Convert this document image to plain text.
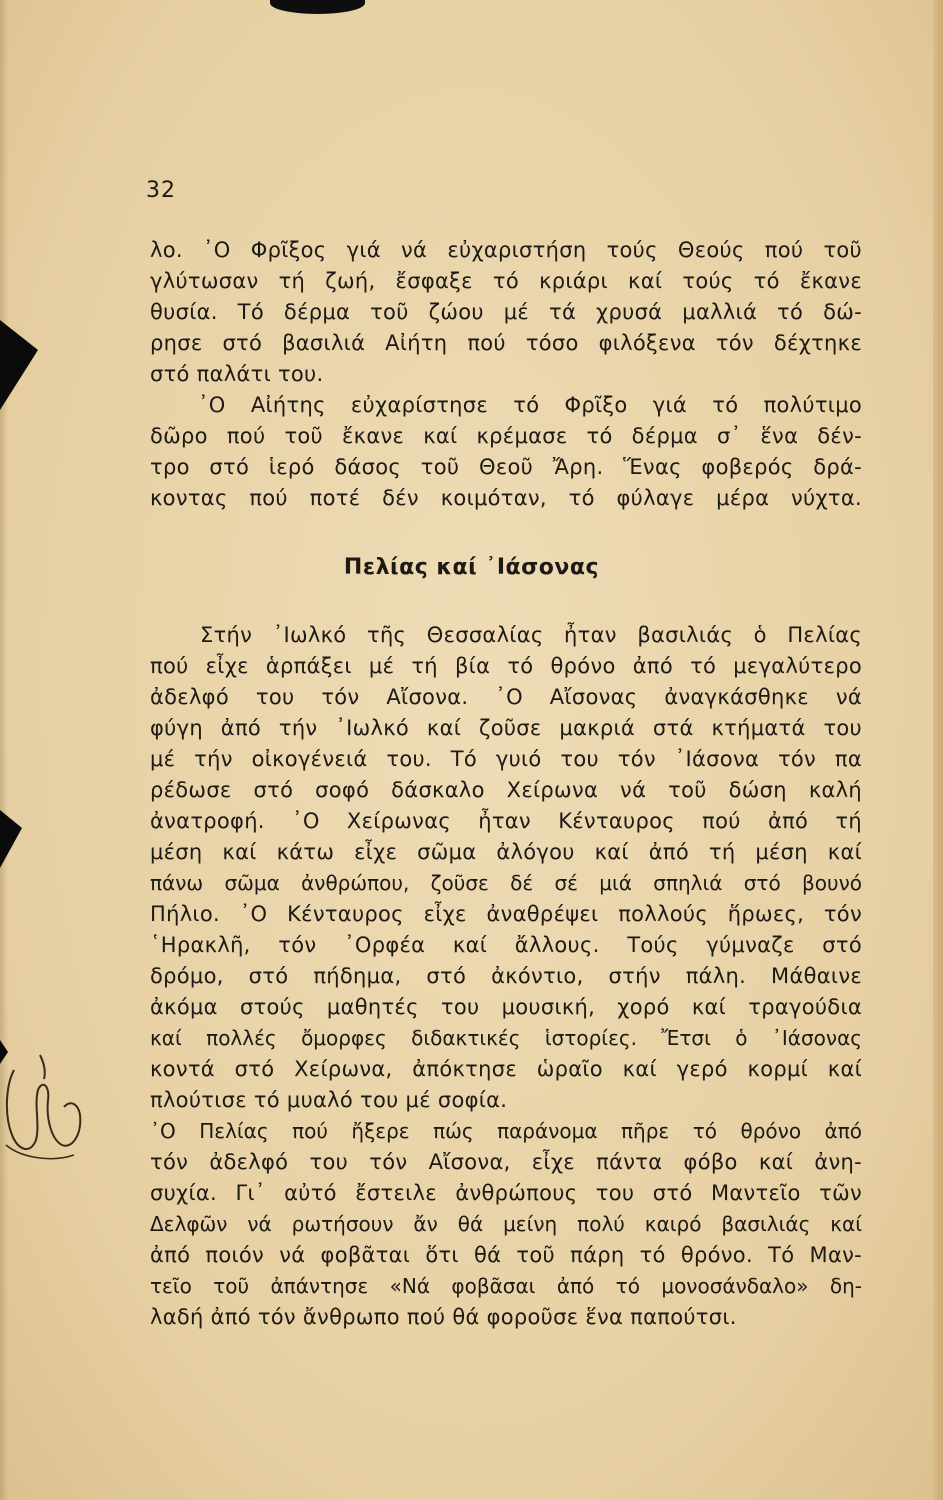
32
λο. ᾽Ο Φρῖξος γιά νά εὐχαριστήση τούς Θεούς πού τοῦ
γλύτωσαν τή ζωή, ἔσφαξε τό κριάρι καί τούς τό ἔκανε
θυσία. Τό δέρμα τοῦ ζώου μέ τά χρυσά μαλλιά τό δώ-
ρησε στό βασιλιά Αἰήτη πού τόσο φιλόξενα τόν δέχτηκε
στό παλάτι του.
᾽Ο Αἰήτης εὐχαρίστησε τό Φρῖξο γιά τό πολύτιμο
δῶρο πού τοῦ ἔκανε καί κρέμασε τό δέρμα σ᾽ ἕνα δέν-
τρο στό ἱερό δάσος τοῦ Θεοῦ Ἄρη. Ἕνας φοβερός δρά-
κοντας πού ποτέ δέν κοιμόταν, τό φύλαγε μέρα νύχτα.
Πελίας καί ᾽Ιάσονας
Στήν ᾽Ιωλκό τῆς Θεσσαλίας ἦταν βασιλιάς ὁ Πελίας
πού εἶχε ἁρπάξει μέ τή βία τό θρόνο ἀπό τό μεγαλύτερο
ἀδελφό του τόν Αἴσονα. ᾽Ο Αἴσονας ἀναγκάσθηκε νά
φύγη ἀπό τήν ᾽Ιωλκό καί ζοῦσε μακριά στά κτήματά του
μέ τήν οἰκογένειά του. Τό γυιό του τόν ᾽Ιάσονα τόν πα
ρέδωσε στό σοφό δάσκαλο Χείρωνα νά τοῦ δώση καλή
ἀνατροφή. ᾽Ο Χείρωνας ἦταν Κένταυρος πού ἀπό τή
μέση καί κάτω εἶχε σῶμα ἀλόγου καί ἀπό τή μέση καί
πάνω σῶμα ἀνθρώπου, ζοῦσε δέ σέ μιά σπηλιά στό βουνό
Πήλιο. ᾽Ο Κένταυρος εἶχε ἀναθρέψει πολλούς ἥρωες, τόν
῾Ηρακλῆ, τόν ᾽Ορφέα καί ἄλλους. Τούς γύμναζε στό
δρόμο, στό πήδημα, στό ἀκόντιο, στήν πάλη. Μάθαινε
ἀκόμα στούς μαθητές του μουσική, χορό καί τραγούδια
καί πολλές ὄμορφες διδακτικές ἱστορίες. Ἔτσι ὁ ᾽Ιάσονας
κοντά στό Χείρωνα, ἀπόκτησε ὡραῖο καί γερό κορμί καί
πλούτισε τό μυαλό του μέ σοφία.
᾽Ο Πελίας πού ἤξερε πώς παράνομα πῆρε τό θρόνο ἀπό
τόν ἀδελφό του τόν Αἴσονα, εἶχε πάντα φόβο καί ἀνη-
συχία. Γι᾽ αὐτό ἔστειλε ἀνθρώπους του στό Μαντεῖο τῶν
Δελφῶν νά ρωτήσουν ἄν θά μείνη πολύ καιρό βασιλιάς καί
ἀπό ποιόν νά φοβᾶται ὅτι θά τοῦ πάρη τό θρόνο. Τό Μαν-
τεῖο τοῦ ἀπάντησε «Νά φοβᾶσαι ἀπό τό μονοσάνδαλο» δη-
λαδή ἀπό τόν ἄνθρωπο πού θά φοροῦσε ἕνα παπούτσι.
